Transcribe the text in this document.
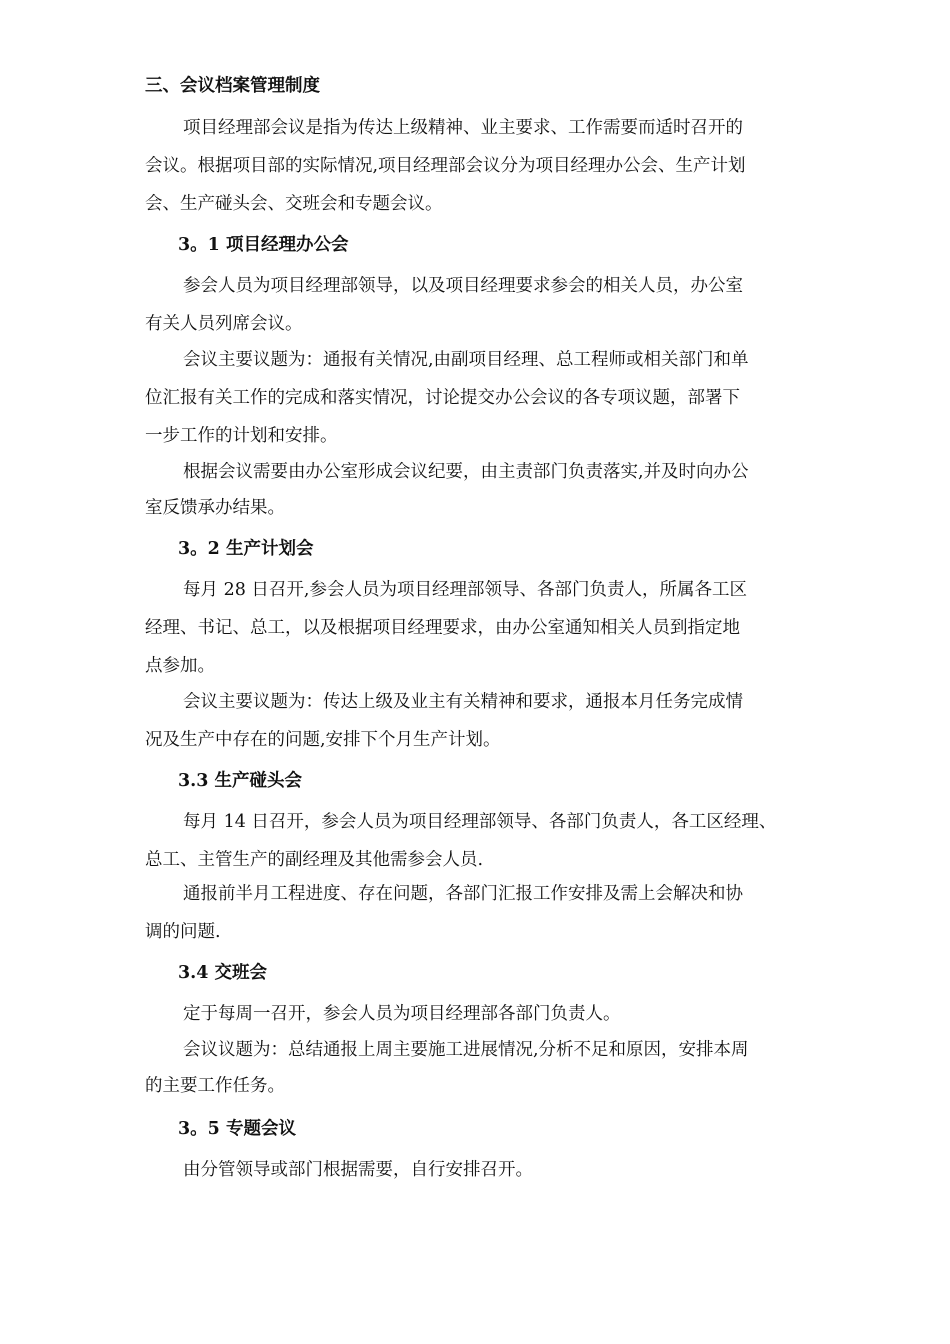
三、会议档案管理制度
项目经理部会议是指为传达上级精神、业主要求、工作需要而适时召开的
会议。根据项目部的实际情况,项目经理部会议分为项目经理办公会、生产计划
会、生产碰头会、交班会和专题会议。
3。1 项目经理办公会
参会人员为项目经理部领导，以及项目经理要求参会的相关人员，办公室
有关人员列席会议。
会议主要议题为：通报有关情况,由副项目经理、总工程师或相关部门和单
位汇报有关工作的完成和落实情况，讨论提交办公会议的各专项议题，部署下
一步工作的计划和安排。
根据会议需要由办公室形成会议纪要，由主责部门负责落实,并及时向办公
室反馈承办结果。
3。2 生产计划会
每月 28 日召开,参会人员为项目经理部领导、各部门负责人，所属各工区
经理、书记、总工，以及根据项目经理要求，由办公室通知相关人员到指定地
点参加。
会议主要议题为：传达上级及业主有关精神和要求，通报本月任务完成情
况及生产中存在的问题,安排下个月生产计划。
3.3 生产碰头会
每月 14 日召开，参会人员为项目经理部领导、各部门负责人，各工区经理、
总工、主管生产的副经理及其他需参会人员.
通报前半月工程进度、存在问题，各部门汇报工作安排及需上会解决和协
调的问题.
3.4 交班会
定于每周一召开，参会人员为项目经理部各部门负责人。
会议议题为：总结通报上周主要施工进展情况,分析不足和原因，安排本周
的主要工作任务。
3。5 专题会议
由分管领导或部门根据需要，自行安排召开。
